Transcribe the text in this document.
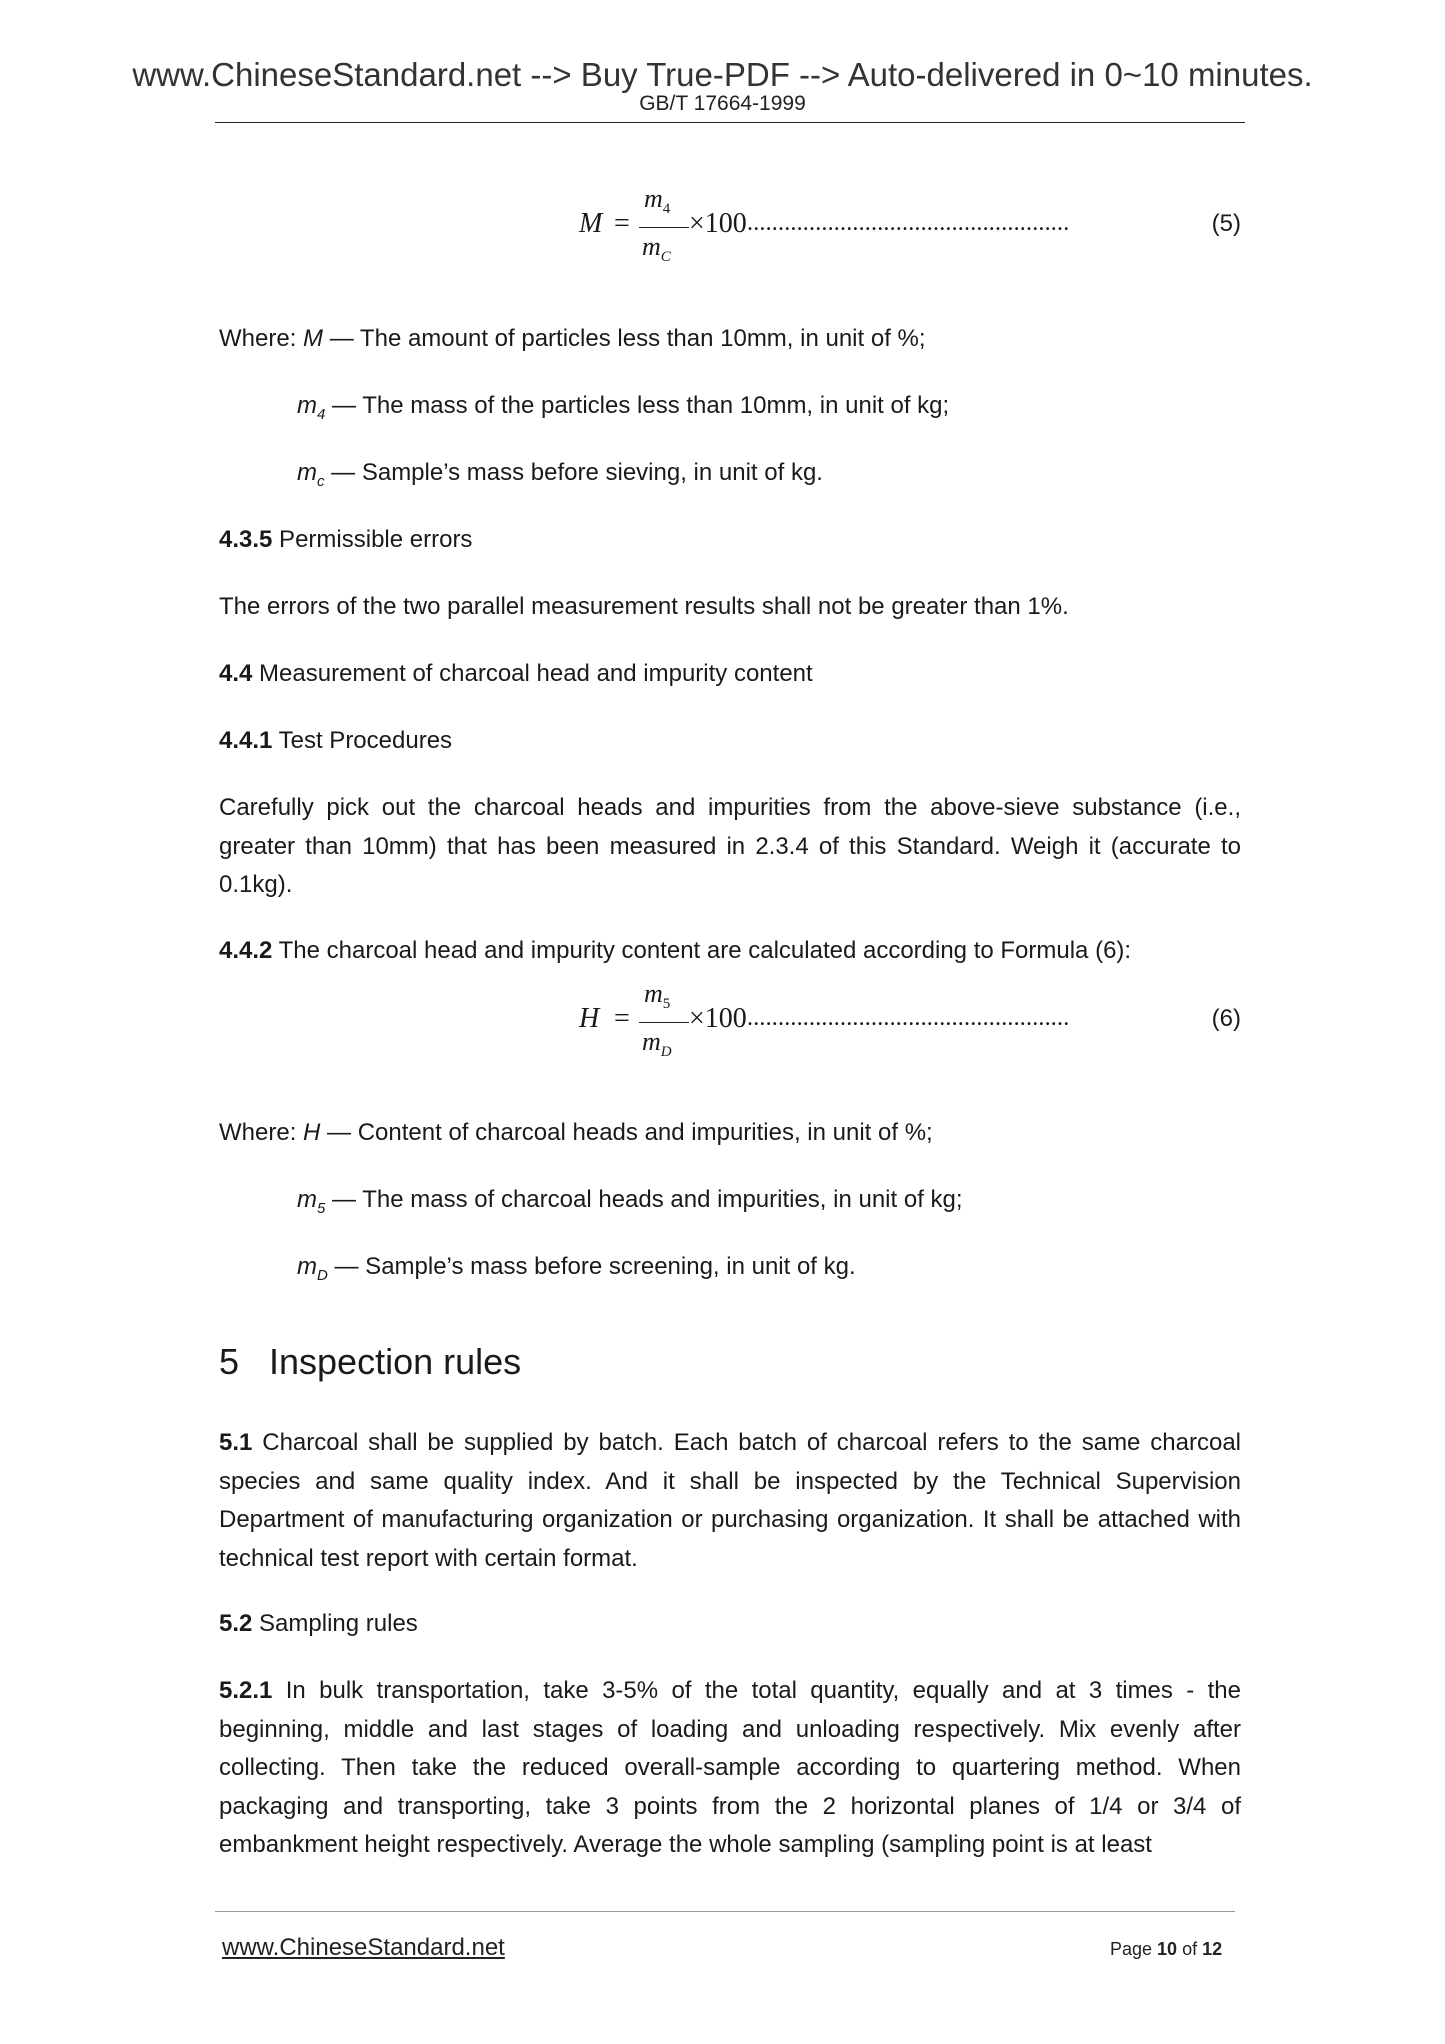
www.ChineseStandard.net --> Buy True-PDF --> Auto-delivered in 0~10 minutes.
GB/T 17664-1999
M =
$m_4$
$m_C$
×100 ....................................................	(5)
Where: M — The amount of particles less than 10mm, in unit of %;
$m_4$ — The mass of the particles less than 10mm, in unit of kg;
$m_c$ — Sample’s mass before sieving, in unit of kg.
4.3.5 Permissible errors
The errors of the two parallel measurement results shall not be greater than 1%.
4.4 Measurement of charcoal head and impurity content
4.4.1 Test Procedures
Carefully pick out the charcoal heads and impurities from the above-sieve substance (i.e., greater than 10mm) that has been measured in 2.3.4 of this Standard. Weigh it (accurate to 0.1kg).
4.4.2 The charcoal head and impurity content are calculated according to Formula (6):
H =
$m_5$
$m_D$
×100 ....................................................	(6)
Where: H — Content of charcoal heads and impurities, in unit of %;
$m_5$ — The mass of charcoal heads and impurities, in unit of kg;
$m_D$ — Sample’s mass before screening, in unit of kg.
5 Inspection rules
5.1 Charcoal shall be supplied by batch. Each batch of charcoal refers to the same charcoal species and same quality index. And it shall be inspected by the Technical Supervision Department of manufacturing organization or purchasing organization. It shall be attached with technical test report with certain format.
5.2 Sampling rules
5.2.1 In bulk transportation, take 3-5% of the total quantity, equally and at 3 times - the beginning, middle and last stages of loading and unloading respectively. Mix evenly after collecting. Then take the reduced overall-sample according to quartering method. When packaging and transporting, take 3 points from the 2 horizontal planes of 1/4 or 3/4 of embankment height respectively. Average the whole sampling (sampling point is at least
www.ChineseStandard.net	Page 10 of 12
